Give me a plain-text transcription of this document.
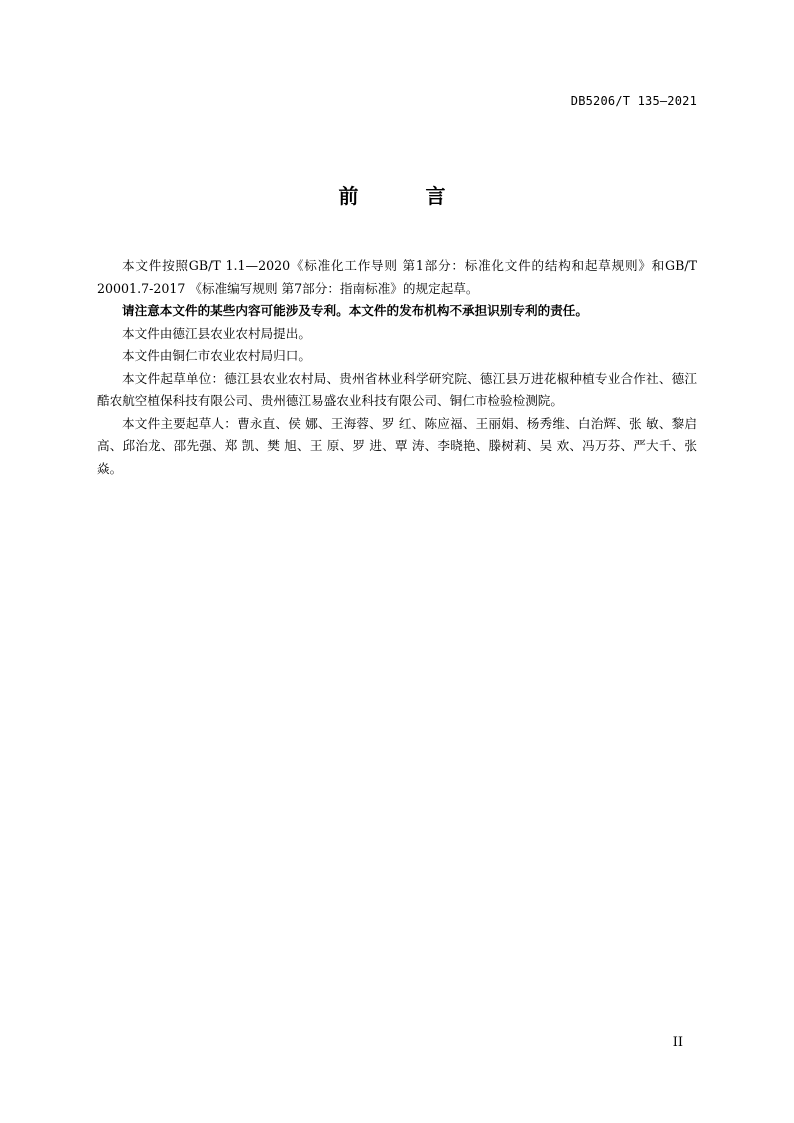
DB5206/T 135—2021
前 言

本文件按照GB/T 1.1—2020《标准化工作导则 第1部分：标准化文件的结构和起草规则》和GB/T 20001.7-2017 《标准编写规则 第7部分：指南标准》的规定起草。

请注意本文件的某些内容可能涉及专利。本文件的发布机构不承担识别专利的责任。

本文件由德江县农业农村局提出。

本文件由铜仁市农业农村局归口。

本文件起草单位：德江县农业农村局、贵州省林业科学研究院、德江县万进花椒种植专业合作社、德江酷农航空植保科技有限公司、贵州德江易盛农业科技有限公司、铜仁市检验检测院。

本文件主要起草人：曹永直、侯 娜、王海蓉、罗 红、陈应福、王丽娟、杨秀维、白治辉、张 敏、黎启高、邱治龙、邵先强、郑 凯、樊 旭、王 原、罗 进、覃 涛、李晓艳、滕树莉、吴 欢、冯万芬、严大千、张 焱。

II
